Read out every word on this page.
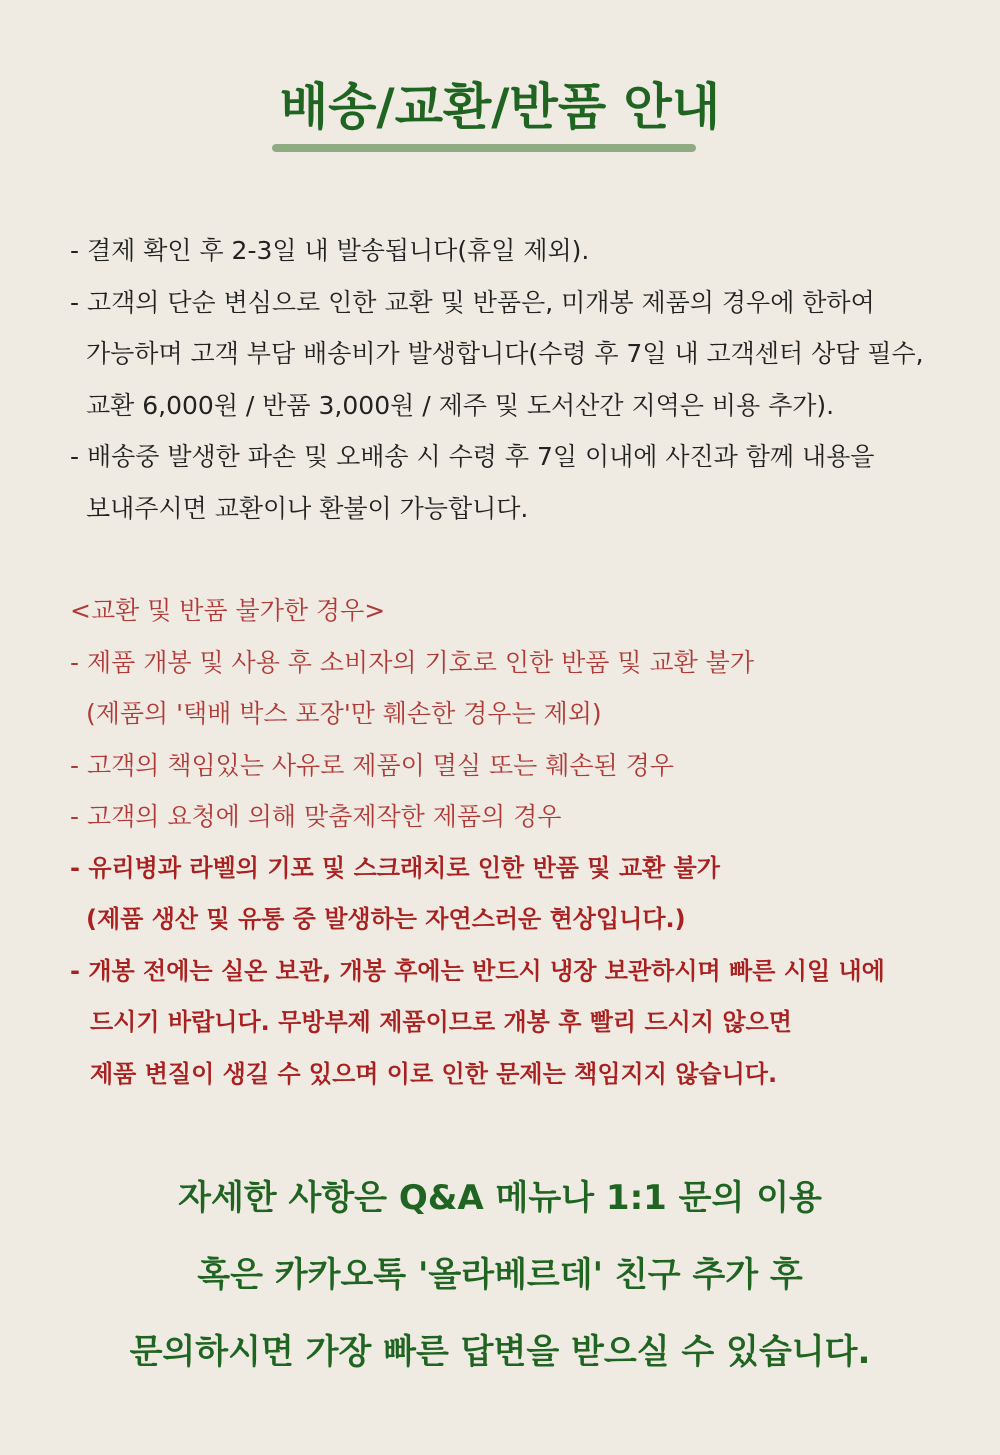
배송/교환/반품 안내
- 결제 확인 후 2-3일 내 발송됩니다(휴일 제외).
- 고객의 단순 변심으로 인한 교환 및 반품은, 미개봉 제품의 경우에 한하여
가능하며 고객 부담 배송비가 발생합니다(수령 후 7일 내 고객센터 상담 필수,
교환 6,000원 / 반품 3,000원 / 제주 및 도서산간 지역은 비용 추가).
- 배송중 발생한 파손 및 오배송 시 수령 후 7일 이내에 사진과 함께 내용을
보내주시면 교환이나 환불이 가능합니다.
<교환 및 반품 불가한 경우>
- 제품 개봉 및 사용 후 소비자의 기호로 인한 반품 및 교환 불가
(제품의 '택배 박스 포장'만 훼손한 경우는 제외)
- 고객의 책임있는 사유로 제품이 멸실 또는 훼손된 경우
- 고객의 요청에 의해 맞춤제작한 제품의 경우
- 유리병과 라벨의 기포 및 스크래치로 인한 반품 및 교환 불가
(제품 생산 및 유통 중 발생하는 자연스러운 현상입니다.)
- 개봉 전에는 실온 보관, 개봉 후에는 반드시 냉장 보관하시며 빠른 시일 내에
드시기 바랍니다. 무방부제 제품이므로 개봉 후 빨리 드시지 않으면
제품 변질이 생길 수 있으며 이로 인한 문제는 책임지지 않습니다.
자세한 사항은 Q&A 메뉴나 1:1 문의 이용
혹은 카카오톡 '올라베르데' 친구 추가 후
문의하시면 가장 빠른 답변을 받으실 수 있습니다.
